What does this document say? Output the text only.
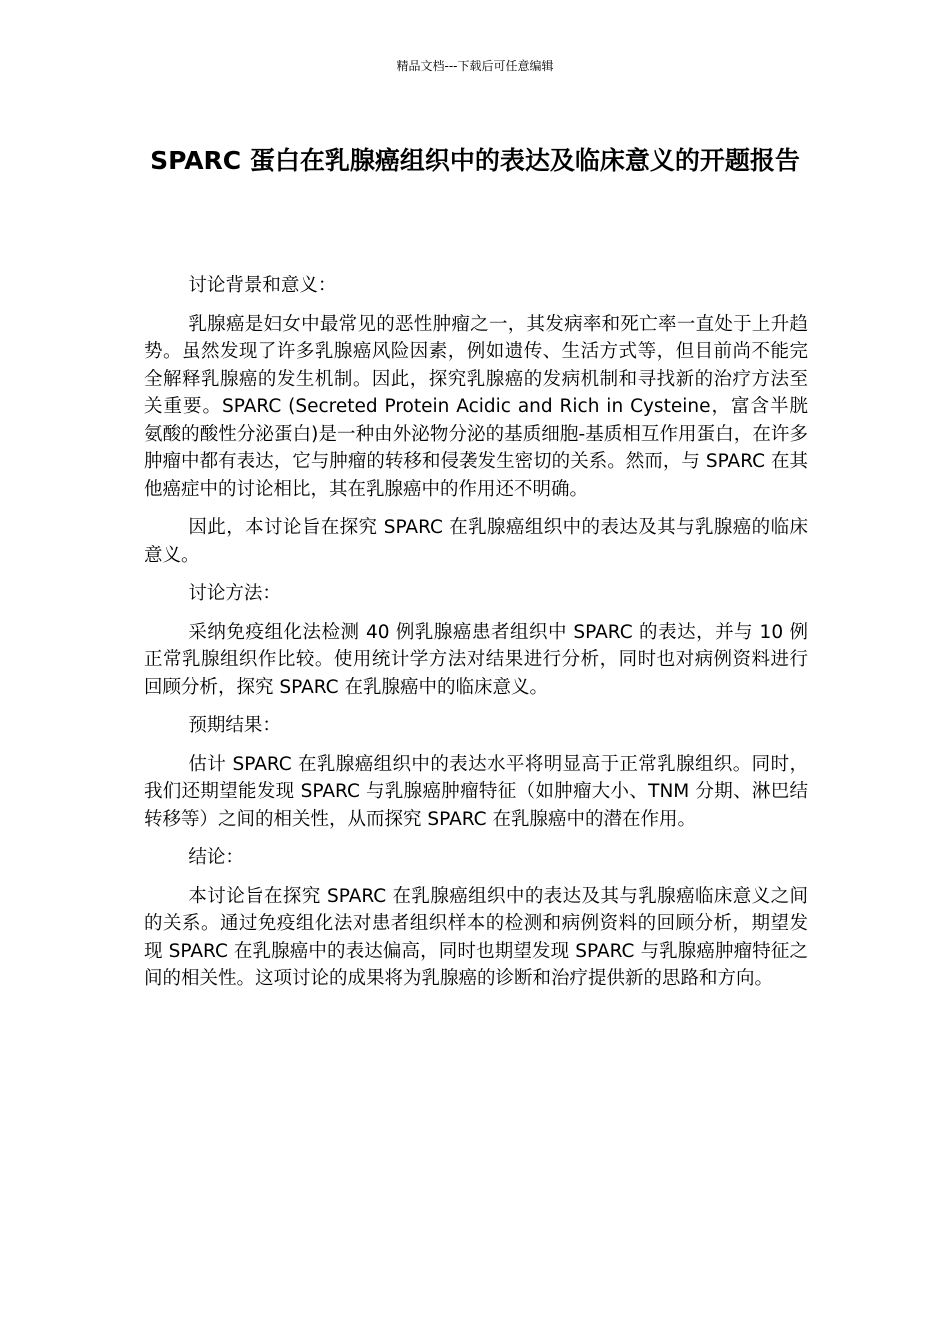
精品文档---下载后可任意编辑
SPARC 蛋白在乳腺癌组织中的表达及临床意义的开题报告

讨论背景和意义：

乳腺癌是妇女中最常见的恶性肿瘤之一，其发病率和死亡率一直处于上升趋势。虽然发现了许多乳腺癌风险因素，例如遗传、生活方式等，但目前尚不能完全解释乳腺癌的发生机制。因此，探究乳腺癌的发病机制和寻找新的治疗方法至关重要。SPARC (Secreted Protein Acidic and Rich in Cysteine，富含半胱氨酸的酸性分泌蛋白)是一种由外泌物分泌的基质细胞-基质相互作用蛋白，在许多肿瘤中都有表达，它与肿瘤的转移和侵袭发生密切的关系。然而，与 SPARC 在其他癌症中的讨论相比，其在乳腺癌中的作用还不明确。

因此，本讨论旨在探究 SPARC 在乳腺癌组织中的表达及其与乳腺癌的临床意义。

讨论方法：

采纳免疫组化法检测 40 例乳腺癌患者组织中 SPARC 的表达，并与 10 例正常乳腺组织作比较。使用统计学方法对结果进行分析，同时也对病例资料进行回顾分析，探究 SPARC 在乳腺癌中的临床意义。

预期结果：

估计 SPARC 在乳腺癌组织中的表达水平将明显高于正常乳腺组织。同时，我们还期望能发现 SPARC 与乳腺癌肿瘤特征（如肿瘤大小、TNM 分期、淋巴结转移等）之间的相关性，从而探究 SPARC 在乳腺癌中的潜在作用。

结论：

本讨论旨在探究 SPARC 在乳腺癌组织中的表达及其与乳腺癌临床意义之间的关系。通过免疫组化法对患者组织样本的检测和病例资料的回顾分析，期望发现 SPARC 在乳腺癌中的表达偏高，同时也期望发现 SPARC 与乳腺癌肿瘤特征之间的相关性。这项讨论的成果将为乳腺癌的诊断和治疗提供新的思路和方向。
